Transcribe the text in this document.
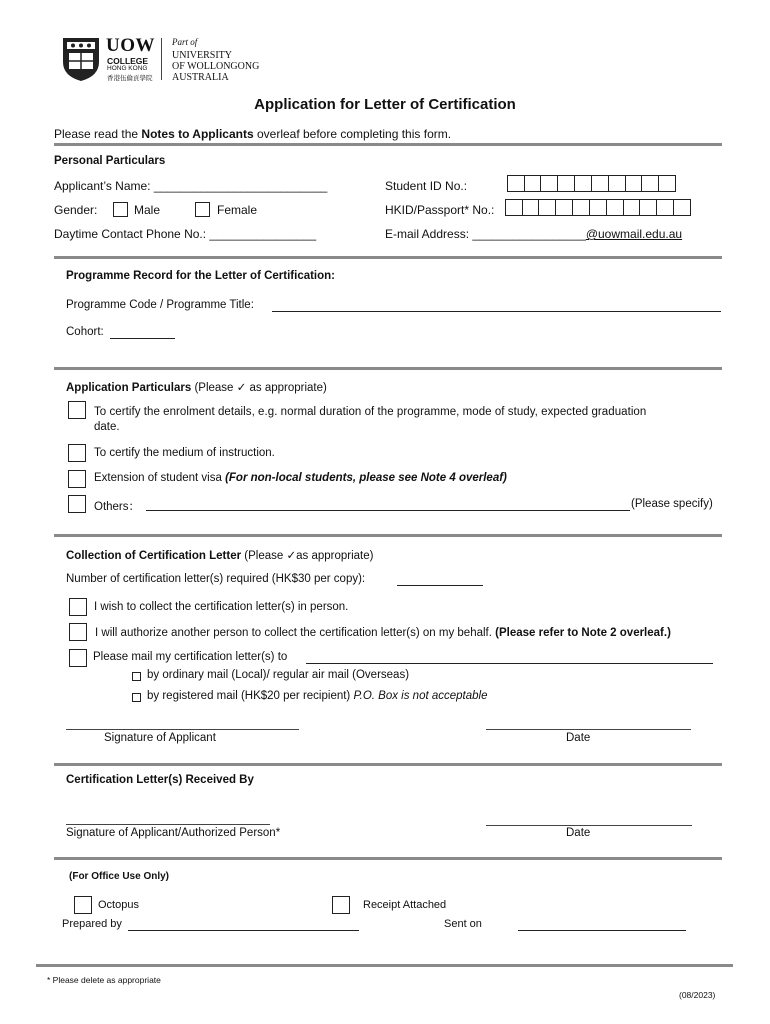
UOW
COLLEGE
HONG KONG
香港伍倫貢學院
Part of
UNIVERSITY
OF WOLLONGONG
AUSTRALIA
Application for Letter of Certification
Please read the Notes to Applicants overleaf before completing this form.
Personal Particulars
Applicant’s Name: __________________________	Student ID No.:
Gender:	Male	Female	HKID/Passport* No.:
Daytime Contact Phone No.: ________________	E-mail Address: _________________@uowmail.edu.au
Programme Record for the Letter of Certification:
Programme Code / Programme Title:
Cohort:
Application Particulars (Please ✓ as appropriate)
To certify the enrolment details, e.g. normal duration of the programme, mode of study, expected graduation
date.
To certify the medium of instruction.
Extension of student visa (For non-local students, please see Note 4 overleaf)
Others：	(Please specify)
Collection of Certification Letter (Please ✓as appropriate)
Number of certification letter(s) required (HK$30 per copy):
I wish to collect the certification letter(s) in person.
I will authorize another person to collect the certification letter(s) on my behalf. (Please refer to Note 2 overleaf.)
Please mail my certification letter(s) to
by ordinary mail (Local)/ regular air mail (Overseas)
by registered mail (HK$20 per recipient) P.O. Box is not acceptable
Signature of Applicant	Date
Certification Letter(s) Received By
Signature of Applicant/Authorized Person*	Date
(For Office Use Only)
Octopus	Receipt Attached
Prepared by	Sent on
* Please delete as appropriate
(08/2023)
